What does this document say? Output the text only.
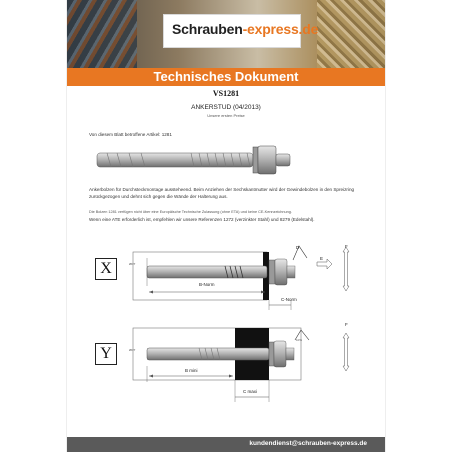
Schrauben-express.de
Technisches Dokument
VS1281
ANKERSTUD (04/2013)
Unsere ersten Preise
Von diesem Blatt betroffene Artikel: 1281
Ankerbolzen für Durchsteckmontage aussteheend. Beim Anziehen der Sechskantmutter wird der Gewindebolzen in den Spreizring zurückgezogen und dehnt sich gegen die Wände der Halterung aus.
Die Bolzen 1281 verfügen nicht über eine Europäische Technische Zulassung (ohne ETA) und keine CE-Kennzeichnung.
Wenn eine ATE erforderlich ist, empfehlen wir unsere Referenzen 1272 (verzinkter Stahl) und 8279 (Edelstahl).
X	ØDT
B-Norm
C-Norm
D
E
F
Y	ØDT
10%
B mini
C maxi
F
kundendienst@schrauben-express.de
